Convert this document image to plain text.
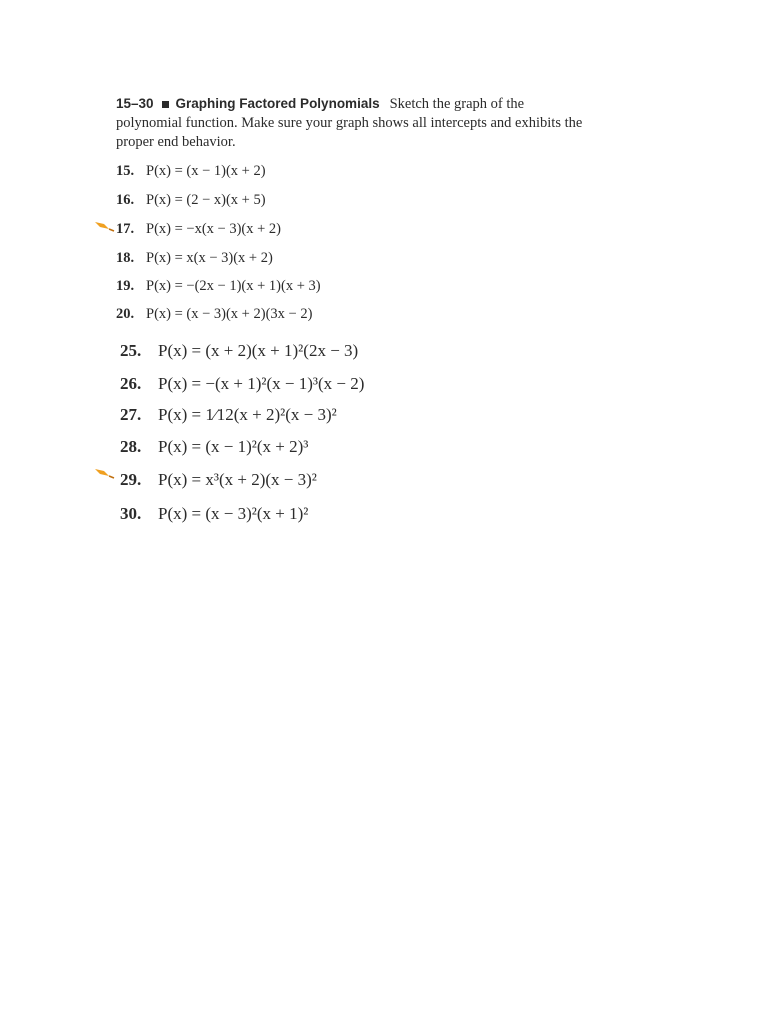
15–30 Graphing Factored Polynomials Sketch the graph of the polynomial function. Make sure your graph shows all intercepts and exhibits the proper end behavior.
15. P(x) = (x − 1)(x + 2)
16. P(x) = (2 − x)(x + 5)
17. P(x) = −x(x − 3)(x + 2)
18. P(x) = x(x − 3)(x + 2)
19. P(x) = −(2x − 1)(x + 1)(x + 3)
20. P(x) = (x − 3)(x + 2)(3x − 2)
25. P(x) = (x + 2)(x + 1)²(2x − 3)
26. P(x) = −(x + 1)²(x − 1)³(x − 2)
27. P(x) = 1⁄12(x + 2)²(x − 3)²
28. P(x) = (x − 1)²(x + 2)³
29. P(x) = x³(x + 2)(x − 3)²
30. P(x) = (x − 3)²(x + 1)²
